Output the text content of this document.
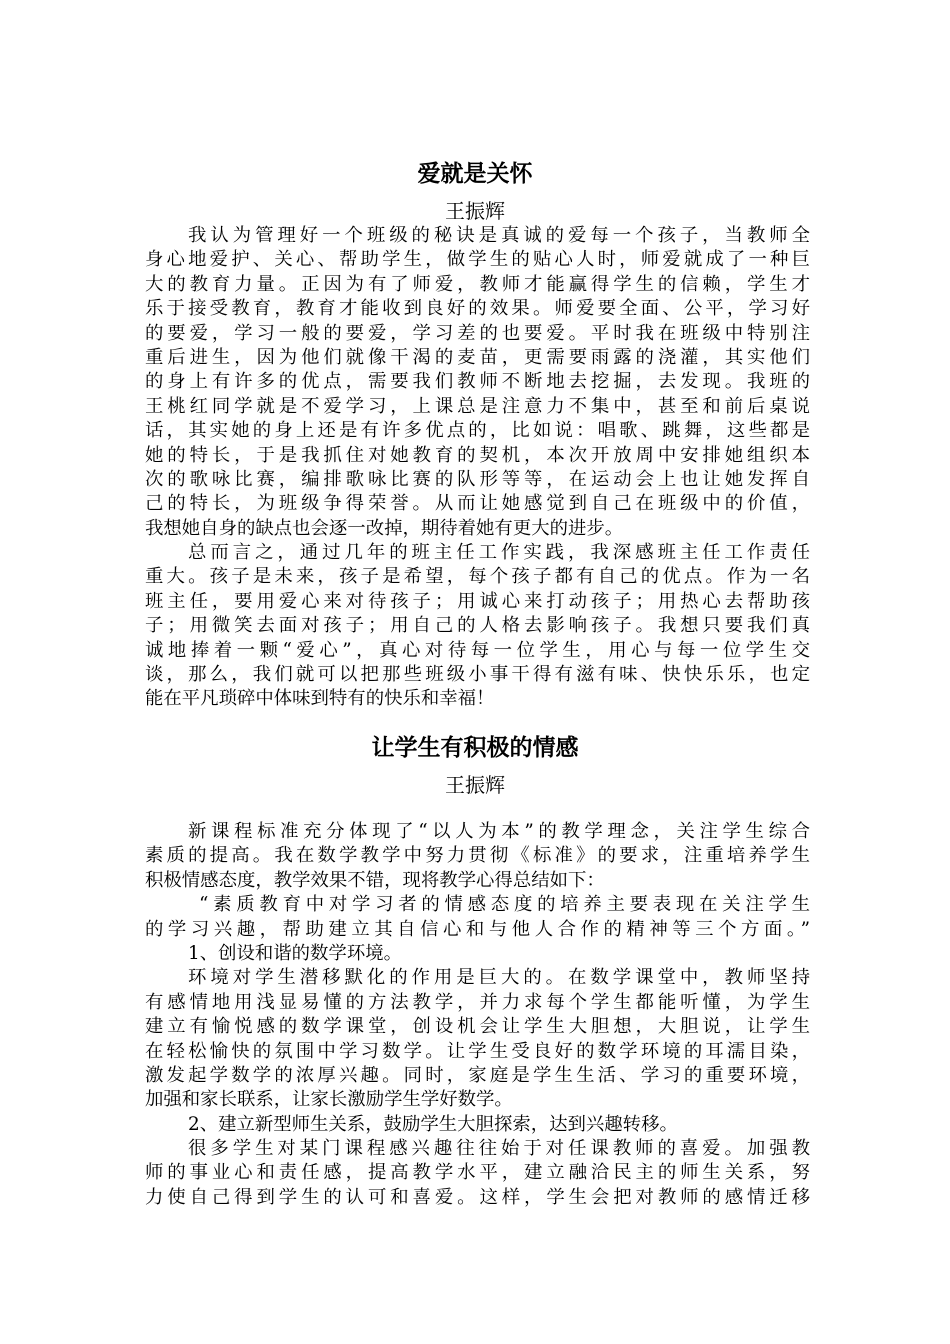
爱就是关怀
王振辉
我认为管理好一个班级的秘诀是真诚的爱每一个孩子，当教师全
身心地爱护、关心、帮助学生，做学生的贴心人时，师爱就成了一种巨
大的教育力量。正因为有了师爱，教师才能赢得学生的信赖，学生才
乐于接受教育，教育才能收到良好的效果。师爱要全面、公平，学习好
的要爱，学习一般的要爱，学习差的也要爱。平时我在班级中特别注
重后进生，因为他们就像干渴的麦苗，更需要雨露的浇灌，其实他们
的身上有许多的优点，需要我们教师不断地去挖掘，去发现。我班的
王桃红同学就是不爱学习，上课总是注意力不集中，甚至和前后桌说
话，其实她的身上还是有许多优点的，比如说：唱歌、跳舞，这些都是
她的特长，于是我抓住对她教育的契机，本次开放周中安排她组织本
次的歌咏比赛，编排歌咏比赛的队形等等，在运动会上也让她发挥自
己的特长，为班级争得荣誉。从而让她感觉到自己在班级中的价值，
我想她自身的缺点也会逐一改掉，期待着她有更大的进步。
总而言之，通过几年的班主任工作实践，我深感班主任工作责任
重大。孩子是未来，孩子是希望，每个孩子都有自己的优点。作为一名
班主任，要用爱心来对待孩子；用诚心来打动孩子；用热心去帮助孩
子；用微笑去面对孩子；用自己的人格去影响孩子。我想只要我们真
诚地捧着一颗“爱心”，真心对待每一位学生，用心与每一位学生交
谈，那么，我们就可以把那些班级小事干得有滋有味、快快乐乐，也定
能在平凡琐碎中体味到特有的快乐和幸福！
让学生有积极的情感
王振辉
新课程标准充分体现了“以人为本”的教学理念，关注学生综合
素质的提高。我在数学教学中努力贯彻《标准》的要求，注重培养学生
积极情感态度，教学效果不错，现将教学心得总结如下：
“素质教育中对学习者的情感态度的培养主要表现在关注学生
的学习兴趣，帮助建立其自信心和与他人合作的精神等三个方面。”
1、创设和谐的数学环境。
环境对学生潜移默化的作用是巨大的。在数学课堂中，教师坚持
有感情地用浅显易懂的方法教学，并力求每个学生都能听懂，为学生
建立有愉悦感的数学课堂，创设机会让学生大胆想，大胆说，让学生
在轻松愉快的氛围中学习数学。让学生受良好的数学环境的耳濡目染，
激发起学数学的浓厚兴趣。同时，家庭是学生生活、学习的重要环境，
加强和家长联系，让家长激励学生学好数学。
2、建立新型师生关系，鼓励学生大胆探索，达到兴趣转移。
很多学生对某门课程感兴趣往往始于对任课教师的喜爱。加强教
师的事业心和责任感，提高教学水平，建立融洽民主的师生关系，努
力使自己得到学生的认可和喜爱。这样，学生会把对教师的感情迁移
